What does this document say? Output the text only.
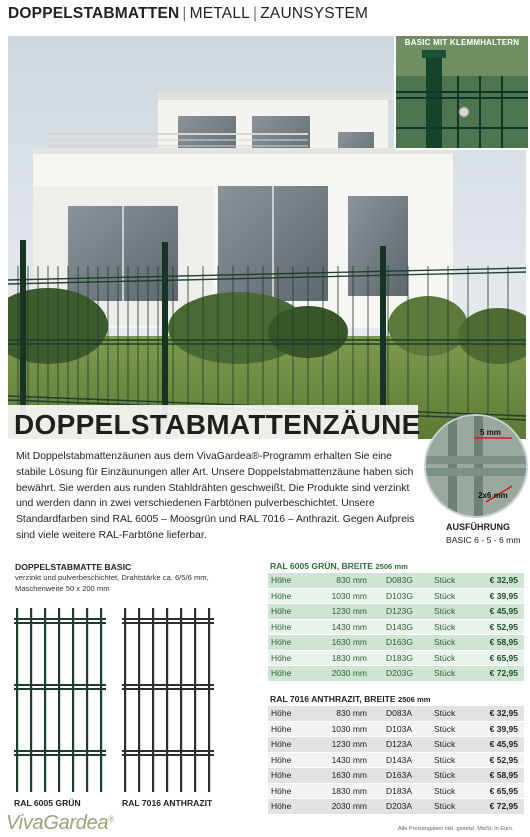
DOPPELSTABMATTEN | METALL | ZAUNSYSTEM
BASIC MIT KLEMMHALTERN
DOPPELSTABMATTENZÄUNE
Mit Doppelstabmattenzäunen aus dem VivaGardea®-Programm erhalten Sie eine stabile Lösung für Einzäunungen aller Art. Unsere Doppelstabmattenzäune haben sich bewährt. Sie werden aus runden Stahldrähten geschweißt. Die Produkte sind verzinkt und werden dann in zwei verschiedenen Farbtönen pulverbeschichtet. Unsere Standardfarben sind RAL 6005 – Moosgrün und RAL 7016 – Anthrazit. Gegen Aufpreis sind viele weitere RAL-Farbtöne lieferbar.
5 mm
2x6 mm
AUSFÜHRUNG
BASIC 6 - 5 - 6 mm
DOPPELSTABMATTE BASIC
verzinkt und pulverbeschichtet, Drahtstärke ca. 6/5/6 mm, Maschenweite 50 x 200 mm
RAL 6005 GRÜN	RAL 7016 ANTHRAZIT
RAL 6005 GRÜN, BREITE 2506 mm
Höhe	830 mm	D083G	Stück	€ 32,95
Höhe	1030 mm	D103G	Stück	€ 39,95
Höhe	1230 mm	D123G	Stück	€ 45,95
Höhe	1430 mm	D143G	Stück	€ 52,95
Höhe	1630 mm	D163G	Stück	€ 58,95
Höhe	1830 mm	D183G	Stück	€ 65,95
Höhe	2030 mm	D203G	Stück	€ 72,95
RAL 7016 ANTHRAZIT, BREITE 2506 mm
Höhe	830 mm	D083A	Stück	€ 32,95
Höhe	1030 mm	D103A	Stück	€ 39,95
Höhe	1230 mm	D123A	Stück	€ 45,95
Höhe	1430 mm	D143A	Stück	€ 52,95
Höhe	1630 mm	D163A	Stück	€ 58,95
Höhe	1830 mm	D183A	Stück	€ 65,95
Höhe	2030 mm	D203A	Stück	€ 72,95
VivaGardea®
Alle Preisangaben inkl. gesetzl. MwSt. in Euro.
